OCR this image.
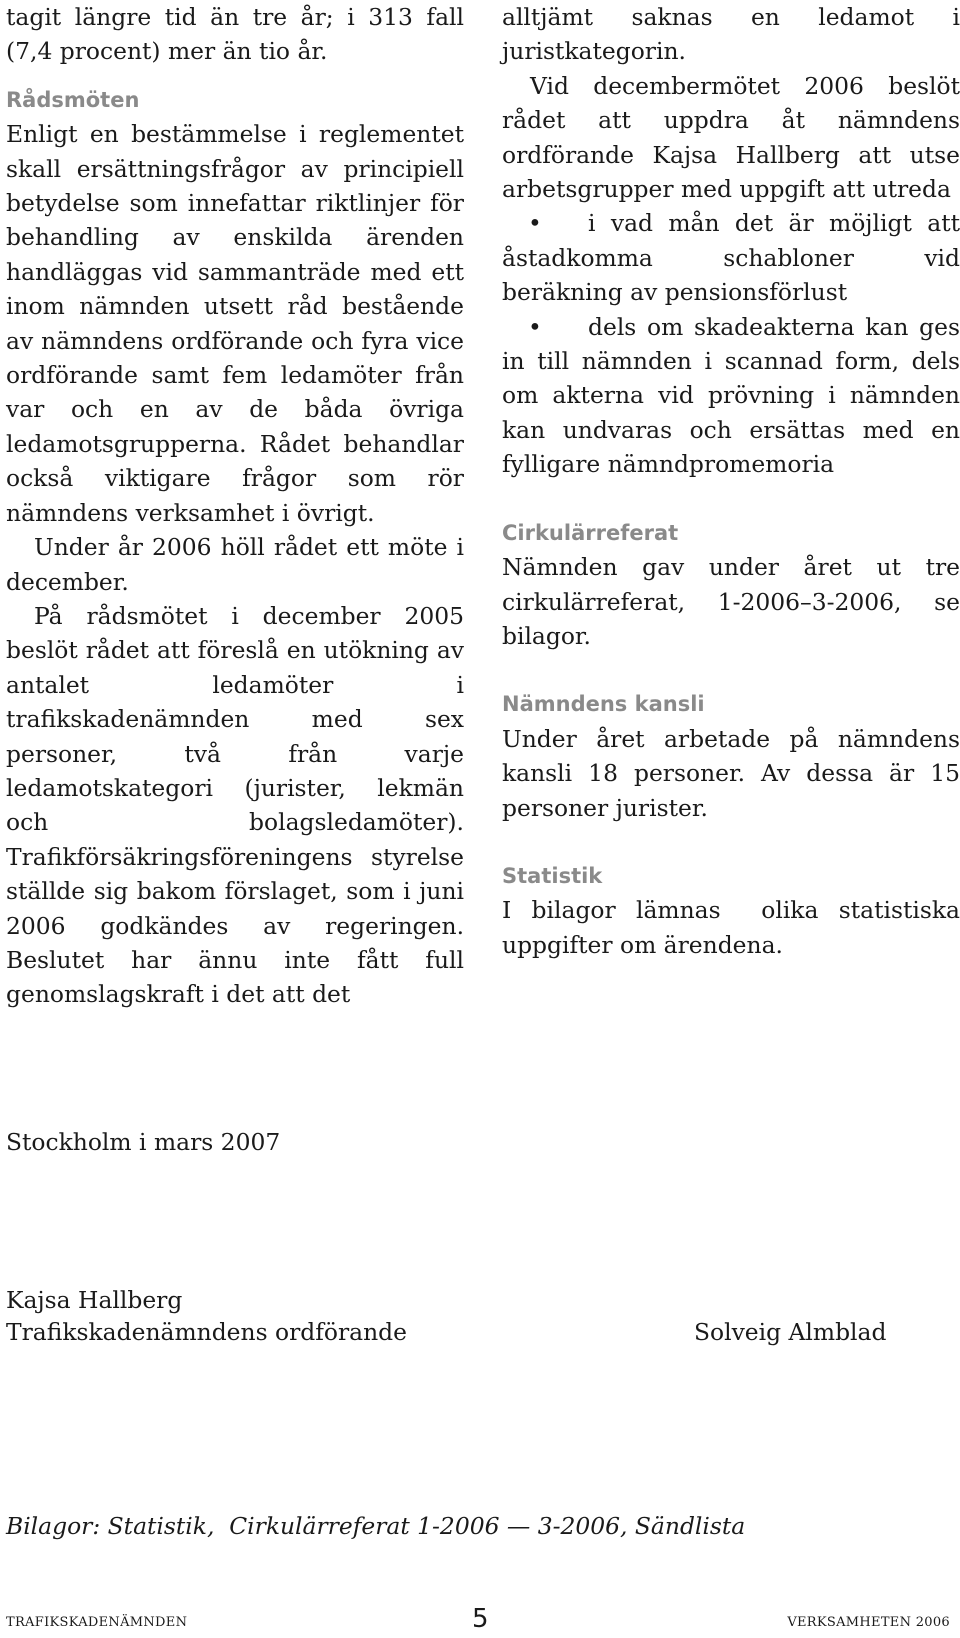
tagit längre tid än tre år; i 313 fall (7,4 procent) mer än tio år.

Rådsmöten

Enligt en bestämmelse i reglementet skall ersättningsfrågor av principiell betydelse som innefattar riktlinjer för behandling av enskilda ärenden handläggas vid sammanträde med ett inom nämnden utsett råd bestående av nämndens ordförande och fyra vice ordförande samt fem ledamöter från var och en av de båda övriga ledamotsgrupperna. Rådet behandlar också viktigare frågor som rör nämndens verksamhet i övrigt.

Under år 2006 höll rådet ett möte i december.

På rådsmötet i december 2005 beslöt rådet att föreslå en utökning av antalet ledamöter i trafikskadenämnden med sex personer, två från varje ledamotskategori (jurister, lekmän och bolagsledamöter). Trafikförsäkringsföreningens styrelse ställde sig bakom förslaget, som i juni 2006 godkändes av regeringen. Beslutet har ännu inte fått full genomslagskraft i det att det

alltjämt saknas en ledamot i juristkategorin.

Vid decembermötet 2006 beslöt rådet att uppdra åt nämndens ordförande Kajsa Hallberg att utse arbetsgrupper med uppgift att utreda

• i vad mån det är möjligt att åstadkomma schabloner vid beräkning av pensionsförlust
• dels om skadeakterna kan ges in till nämnden i scannad form, dels om akterna vid prövning i nämnden kan undvaras och ersättas med en fylligare nämndpromemoria
Cirkulärreferat

Nämnden gav under året ut tre cirkulärreferat, 1-2006–3-2006, se bilagor.

Nämndens kansli

Under året arbetade på nämndens kansli 18 personer. Av dessa är 15 personer jurister.

Statistik

I bilagor lämnas  olika statistiska uppgifter om ärendena.

Stockholm i mars 2007
Kajsa Hallberg
Trafikskadenämndens ordförande	Solveig Almblad
Bilagor: Statistik,  Cirkulärreferat 1-2006 — 3-2006, Sändlista
TRAFIKSKADENÄMNDEN	5	VERKSAMHETEN 2006
